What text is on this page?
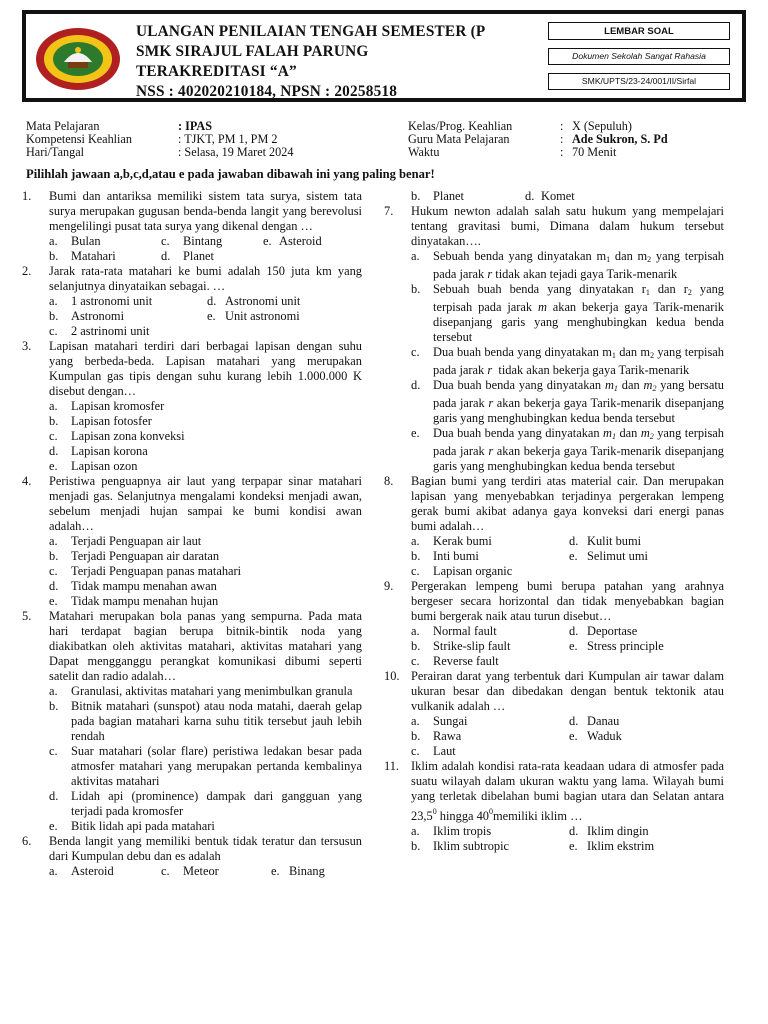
ULANGAN PENILAIAN TENGAH SEMESTER (P
SMK SIRAJUL FALAH PARUNG
TERAKREDITASI “A”
NSS : 402020210184, NPSN : 20258518
LEMBAR SOAL
Dokumen Sekolah Sangat Rahasia
SMK/UPTS/23-24/001/II/Sirfal
Mata Pelajaran	: IPAS	Kelas/Prog. Keahlian	: X (Sepuluh)
Kompetensi Keahlian	: TJKT, PM 1, PM 2	Guru Mata Pelajaran	: Ade Sukron, S. Pd
Hari/Tangal	: Selasa, 19 Maret 2024	Waktu	: 70 Menit
Pilihlah jawaan a,b,c,d,atau e pada jawaban dibawah ini yang paling benar!
1.	Bumi dan antariksa memiliki sistem tata surya, sistem tata surya merupakan gugusan benda-benda langit yang berevolusi mengelilingi pusat tata surya yang dikenal dengan …
a.	Bulan	c.	Bintang	e. Asteroid
b.	Matahari	d.	Planet
2.	Jarak rata-rata matahari ke bumi adalah 150 juta km yang selanjutnya dinyataikan sebagai. …
a.	1 astronomi unit	d. Astronomi unit
b.	Astronomi	e. Unit astronomi
c.	2 astrinomi unit
3.	Lapisan matahari terdiri dari berbagai lapisan dengan suhu yang berbeda-beda. Lapisan matahari yang merupakan Kumpulan gas tipis dengan suhu kurang lebih 1.000.000 K disebut dengan…
a.	Lapisan kromosfer
b.	Lapisan fotosfer
c.	Lapisan zona konveksi
d.	Lapisan korona
e.	Lapisan ozon
4.	Peristiwa penguapnya air laut yang terpapar sinar matahari menjadi gas. Selanjutnya mengalami kondeksi menjadi awan, sebelum menjadi hujan sampai ke bumi kondisi awan adalah…
a.	Terjadi Penguapan air laut
b.	Terjadi Penguapan air daratan
c.	Terjadi Penguapan panas matahari
d.	Tidak mampu menahan awan
e.	Tidak mampu menahan hujan
5.	Matahari merupakan bola panas yang sempurna. Pada mata hari terdapat bagian berupa bitnik-bintik noda yang diakibatkan oleh aktivitas matahari, aktivitas matahari yang Dapat mengganggu perangkat komunikasi dibumi seperti satelit dan radio adalah…
a.	Granulasi, aktivitas matahari yang menimbulkan granula
b.	Bitnik matahari (sunspot) atau noda matahi, daerah gelap pada bagian matahari karna suhu titik tersebut jauh lebih rendah
c.	Suar matahari (solar flare) peristiwa ledakan besar pada atmosfer matahari yang merupakan pertanda kembalinya aktivitas matahari
d.	Lidah api (prominence) dampak dari gangguan yang terjadi pada kromosfer
e.	Bitik lidah api pada matahari
6.	Benda langit yang memiliki bentuk tidak teratur dan tersusun dari Kumpulan debu dan es adalah
a.	Asteroid	c.	Meteor	e. Binang
b.	Planet	d. Komet
7.	Hukum newton adalah salah satu hukum yang mempelajari tentang gravitasi bumi, Dimana dalam hukum tersebut dinyatakan….
a.	Sebuah benda yang dinyatakan $m_1$ dan $m_2$ yang terpisah pada jarak r tidak akan tejadi gaya Tarik-menarik
b.	Sebuah buah benda yang dinyatakan $r_1$ dan $r_2$ yang terpisah pada jarak m akan bekerja gaya Tarik-menarik disepanjang garis yang menghubingkan kedua benda tersebut
c.	Dua buah benda yang dinyatakan $m_1$ dan $m_2$ yang terpisah pada jarak r  tidak akan bekerja gaya Tarik-menarik
d.	Dua buah benda yang dinyatakan $m_1$ dan $m_2$ yang bersatu pada jarak r akan bekerja gaya Tarik-menarik disepanjang garis yang menghubingkan kedua benda tersebut
e.	Dua buah benda yang dinyatakan $m_1$ dan $m_2$ yang terpisah pada jarak r akan bekerja gaya Tarik-menarik disepanjang garis yang menghubingkan kedua benda tersebut
8.	Bagian bumi yang terdiri atas material cair. Dan merupakan lapisan yang menyebabkan terjadinya pergerakan lempeng gerak bumi akibat adanya gaya konveksi dari energi panas bumi adalah…
a.	Kerak bumi	d. Kulit bumi
b.	Inti bumi	e. Selimut umi
c.	Lapisan organic
9.	Pergerakan lempeng bumi berupa patahan yang arahnya bergeser secara horizontal dan tidak menyebabkan bagian bumi bergerak naik atau turun disebut…
a.	Normal fault	d. Deportase
b.	Strike-slip fault	e. Stress principle
c.	Reverse fault
10. Perairan darat yang terbentuk dari Kumpulan air tawar dalam ukuran besar dan dibedakan dengan bentuk tektonik atau vulkanik adalah …
a.	Sungai	d. Danau
b.	Rawa	e. Waduk
c.	Laut
11. Iklim adalah kondisi rata-rata keadaan udara di atmosfer pada suatu wilayah dalam ukuran waktu yang lama. Wilayah bumi yang terletak dibelahan bumi bagian utara dan Selatan antara 23,5$^0$ hingga $40^0memiliki$ iklim …
a.	Iklim tropis	d. Iklim dingin
b.	Iklim subtropic	e. Iklim ekstrim
